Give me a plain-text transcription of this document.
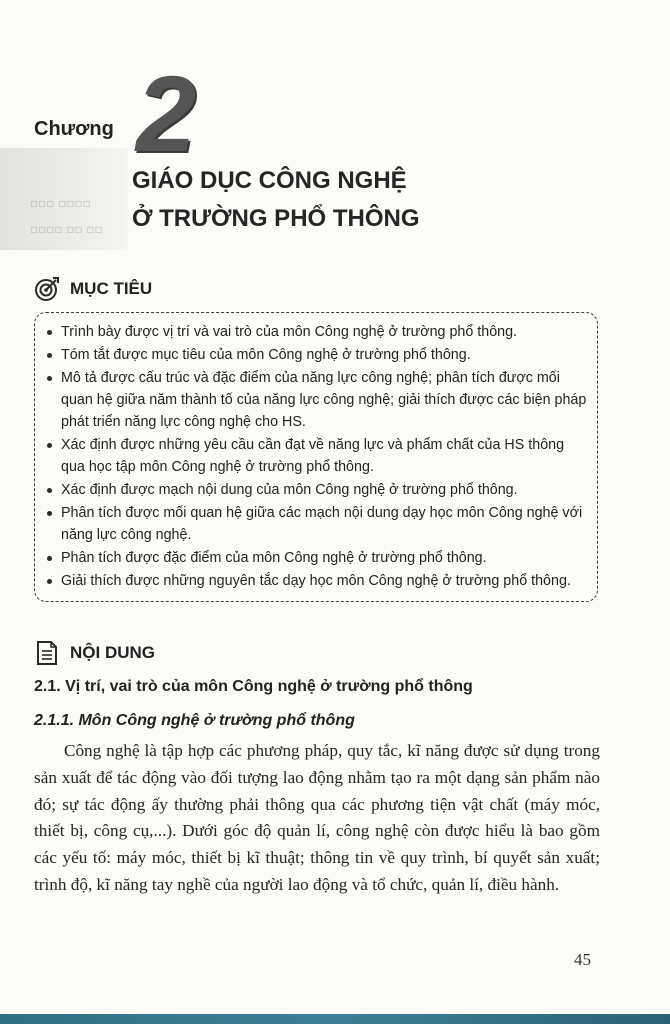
▫▫▫ ▫▫▫▫
▫▫▫▫ ▫▫ ▫▫
Chương 2
GIÁO DỤC CÔNG NGHỆ
Ở TRƯỜNG PHỔ THÔNG
MỤC TIÊU
Trình bày được vị trí và vai trò của môn Công nghệ ở trường phổ thông.
Tóm tắt được mục tiêu của môn Công nghệ ở trường phổ thông.
Mô tả được cấu trúc và đặc điểm của năng lực công nghệ; phân tích được mối quan hệ giữa năm thành tố của năng lực công nghệ; giải thích được các biện pháp phát triển năng lực công nghệ cho HS.
Xác định được những yêu cầu cần đạt về năng lực và phẩm chất của HS thông qua học tập môn Công nghệ ở trường phổ thông.
Xác định được mạch nội dung của môn Công nghệ ở trường phổ thông.
Phân tích được mối quan hệ giữa các mạch nội dung dạy học môn Công nghệ với năng lực công nghệ.
Phân tích được đặc điểm của môn Công nghệ ở trường phổ thông.
Giải thích được những nguyên tắc dạy học môn Công nghệ ở trường phổ thông.
NỘI DUNG
2.1. Vị trí, vai trò của môn Công nghệ ở trường phổ thông
2.1.1. Môn Công nghệ ở trường phổ thông
Công nghệ là tập hợp các phương pháp, quy tắc, kĩ năng được sử dụng trong sản xuất để tác động vào đối tượng lao động nhằm tạo ra một dạng sản phẩm nào đó; sự tác động ấy thường phải thông qua các phương tiện vật chất (máy móc, thiết bị, công cụ,...). Dưới góc độ quản lí, công nghệ còn được hiểu là bao gồm các yếu tố: máy móc, thiết bị kĩ thuật; thông tin về quy trình, bí quyết sản xuất; trình độ, kĩ năng tay nghề của người lao động và tổ chức, quản lí, điều hành.
45
